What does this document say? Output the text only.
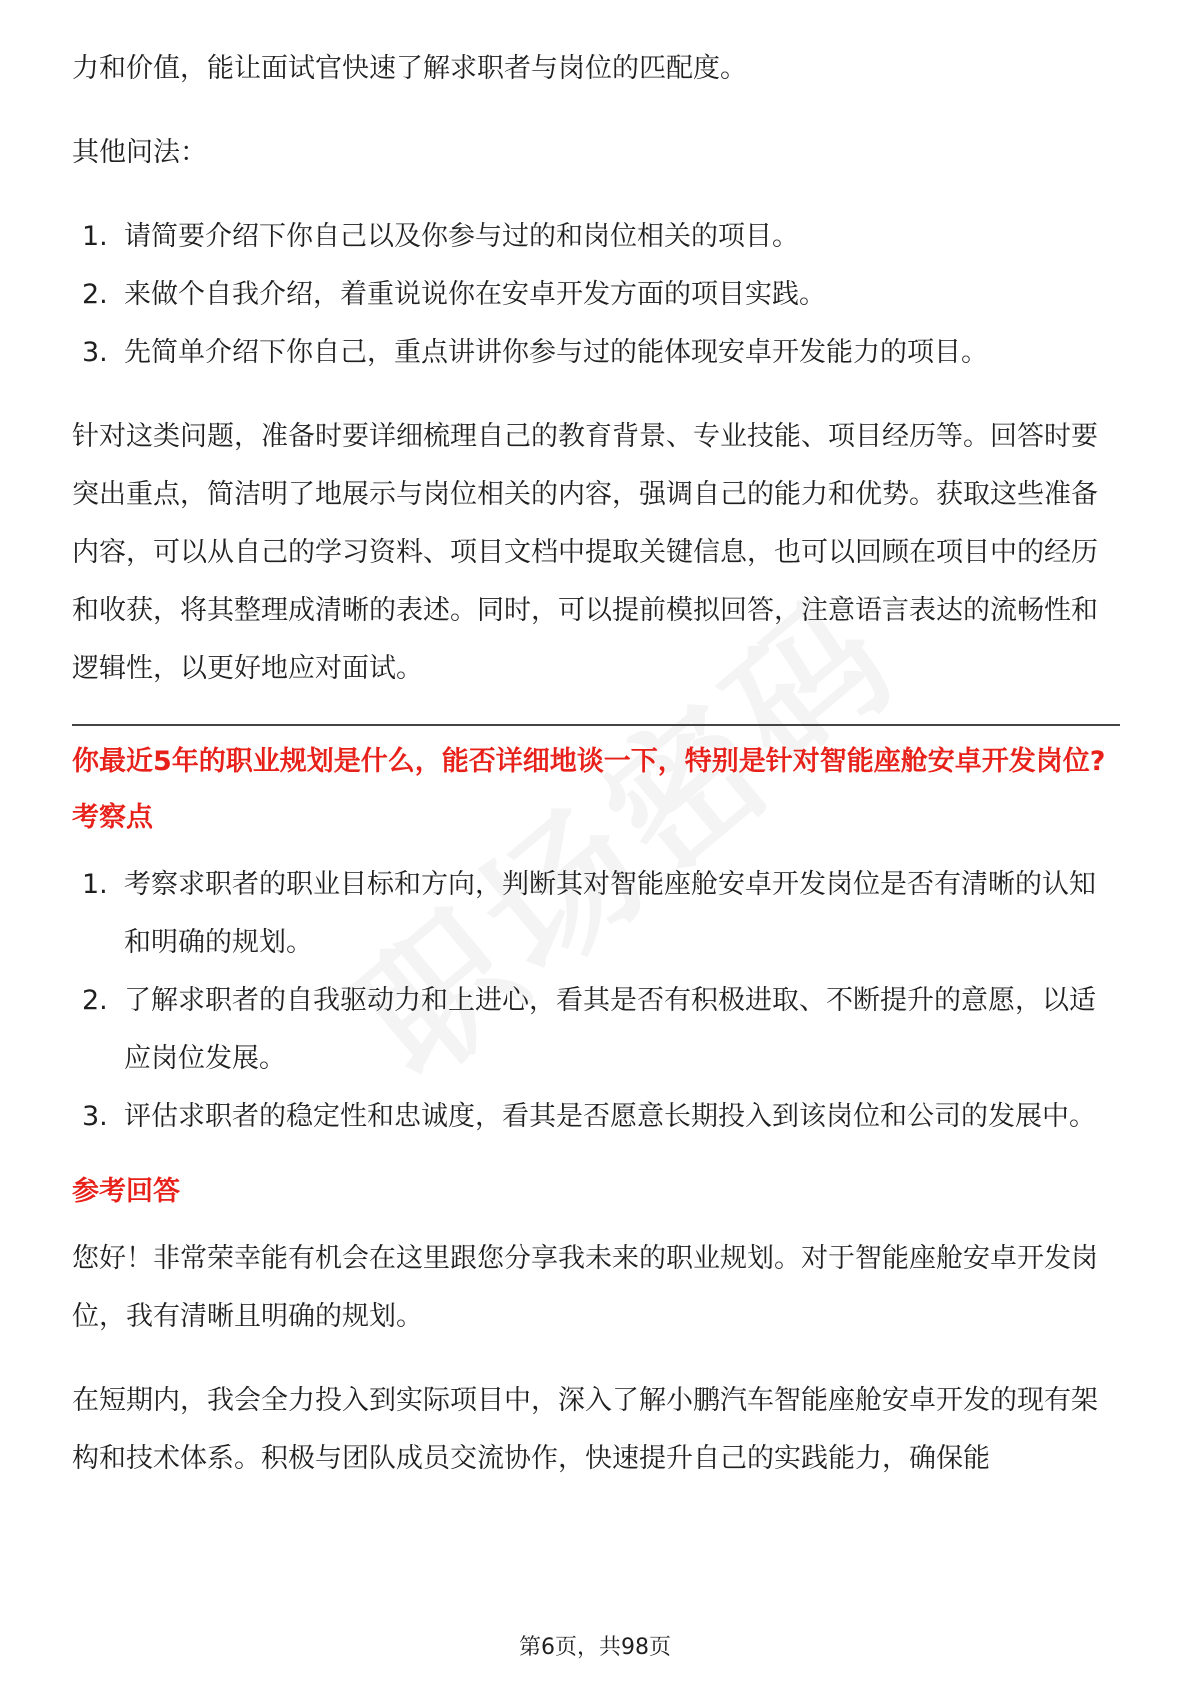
力和价值，能让面试官快速了解求职者与岗位的匹配度。

其他问法：

1. 请简要介绍下你自己以及你参与过的和岗位相关的项目。
2. 来做个自我介绍，着重说说你在安卓开发方面的项目实践。
3. 先简单介绍下你自己，重点讲讲你参与过的能体现安卓开发能力的项目。

针对这类问题，准备时要详细梳理自己的教育背景、专业技能、项目经历等。回答时要突出重点，简洁明了地展示与岗位相关的内容，强调自己的能力和优势。获取这些准备内容，可以从自己的学习资料、项目文档中提取关键信息，也可以回顾在项目中的经历和收获，将其整理成清晰的表述。同时，可以提前模拟回答，注意语言表达的流畅性和逻辑性，以更好地应对面试。

你最近5年的职业规划是什么，能否详细地谈一下，特别是针对智能座舱安卓开发岗位?
考察点
1. 考察求职者的职业目标和方向，判断其对智能座舱安卓开发岗位是否有清晰的认知和明确的规划。
2. 了解求职者的自我驱动力和上进心，看其是否有积极进取、不断提升的意愿，以适应岗位发展。
3. 评估求职者的稳定性和忠诚度，看其是否愿意长期投入到该岗位和公司的发展中。
参考回答

您好！非常荣幸能有机会在这里跟您分享我未来的职业规划。对于智能座舱安卓开发岗位，我有清晰且明确的规划。

在短期内，我会全力投入到实际项目中，深入了解小鹏汽车智能座舱安卓开发的现有架构和技术体系。积极与团队成员交流协作，快速提升自己的实践能力，确保能

第6页，共98页
